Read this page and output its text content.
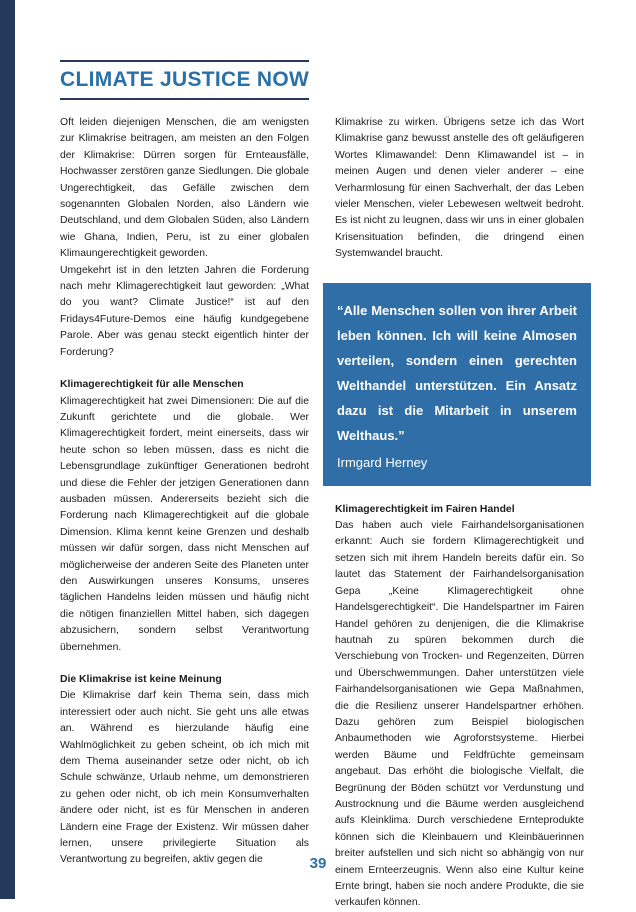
CLIMATE JUSTICE NOW

Oft leiden diejenigen Menschen, die am wenigsten zur Klimakrise beitragen, am meisten an den Folgen der Klimakrise: Dürren sorgen für Ernteausfälle, Hochwasser zerstören ganze Siedlungen. Die globale Ungerechtigkeit, das Gefälle zwischen dem sogenannten Globalen Norden, also Ländern wie Deutschland, und dem Globalen Süden, also Ländern wie Ghana, Indien, Peru, ist zu einer globalen Klimaungerechtigkeit geworden.

Umgekehrt ist in den letzten Jahren die Forderung nach mehr Klimagerechtigkeit laut geworden: „What do you want? Climate Justice!“ ist auf den Fridays4Future-Demos eine häufig kundgegebene Parole. Aber was genau steckt eigentlich hinter der Forderung?

Klimagerechtigkeit für alle Menschen

Klimagerechtigkeit hat zwei Dimensionen: Die auf die Zukunft gerichtete und die globale. Wer Klimagerechtigkeit fordert, meint einerseits, dass wir heute schon so leben müssen, dass es nicht die Lebensgrundlage zukünftiger Generationen bedroht und diese die Fehler der jetzigen Generationen dann ausbaden müssen. Andererseits bezieht sich die Forderung nach Klimagerechtigkeit auf die globale Dimension. Klima kennt keine Grenzen und deshalb müssen wir dafür sorgen, dass nicht Menschen auf möglicherweise der anderen Seite des Planeten unter den Auswirkungen unseres Konsums, unseres täglichen Handelns leiden müssen und häufig nicht die nötigen finanziellen Mittel haben, sich dagegen abzusichern, sondern selbst Verantwortung übernehmen.

Die Klimakrise ist keine Meinung

Die Klimakrise darf kein Thema sein, dass mich interessiert oder auch nicht. Sie geht uns alle etwas an. Während es hierzulande häufig eine Wahlmöglichkeit zu geben scheint, ob ich mich mit dem Thema auseinander setze oder nicht, ob ich Schule schwänze, Urlaub nehme, um demonstrieren zu gehen oder nicht, ob ich mein Konsumverhalten ändere oder nicht, ist es für Menschen in anderen Ländern eine Frage der Existenz. Wir müssen daher lernen, unsere privilegierte Situation als Verantwortung zu begreifen, aktiv gegen die

Klimakrise zu wirken. Übrigens setze ich das Wort Klimakrise ganz bewusst anstelle des oft geläufigeren Wortes Klimawandel: Denn Klimawandel ist – in meinen Augen und denen vieler anderer – eine Verharmlosung für einen Sachverhalt, der das Leben vieler Menschen, vieler Lebewesen weltweit bedroht. Es ist nicht zu leugnen, dass wir uns in einer globalen Krisensituation befinden, die dringend einen Systemwandel braucht.

“Alle Menschen sollen von ihrer Arbeit leben können. Ich will keine Almosen verteilen, sondern einen gerechten Welthandel unterstützen. Ein Ansatz dazu ist die Mitarbeit in unserem Welthaus.”

Irmgard Herney

Klimagerechtigkeit im Fairen Handel

Das haben auch viele Fairhandelsorganisationen erkannt: Auch sie fordern Klimagerechtigkeit und setzen sich mit ihrem Handeln bereits dafür ein. So lautet das Statement der Fairhandelsorganisation Gepa „Keine Klimagerechtigkeit ohne Handelsgerechtigkeit“. Die Handelspartner im Fairen Handel gehören zu denjenigen, die die Klimakrise hautnah zu spüren bekommen durch die Verschiebung von Trocken- und Regenzeiten, Dürren und Überschwemmungen. Daher unterstützen viele Fairhandelsorganisationen wie Gepa Maßnahmen, die die Resilienz unserer Handelspartner erhöhen. Dazu gehören zum Beispiel biologischen Anbaumethoden wie Agroforstsysteme. Hierbei werden Bäume und Feldfrüchte gemeinsam angebaut. Das erhöht die biologische Vielfalt, die Begrünung der Böden schützt vor Verdunstung und Austrocknung und die Bäume werden ausgleichend aufs Kleinklima. Durch verschiedene Ernteprodukte können sich die Kleinbauern und Kleinbäuerinnen breiter aufstellen und sich nicht so abhängig von nur einem Ernteerzeugnis. Wenn also eine Kultur keine Ernte bringt, haben sie noch andere Produkte, die sie verkaufen können.

39
